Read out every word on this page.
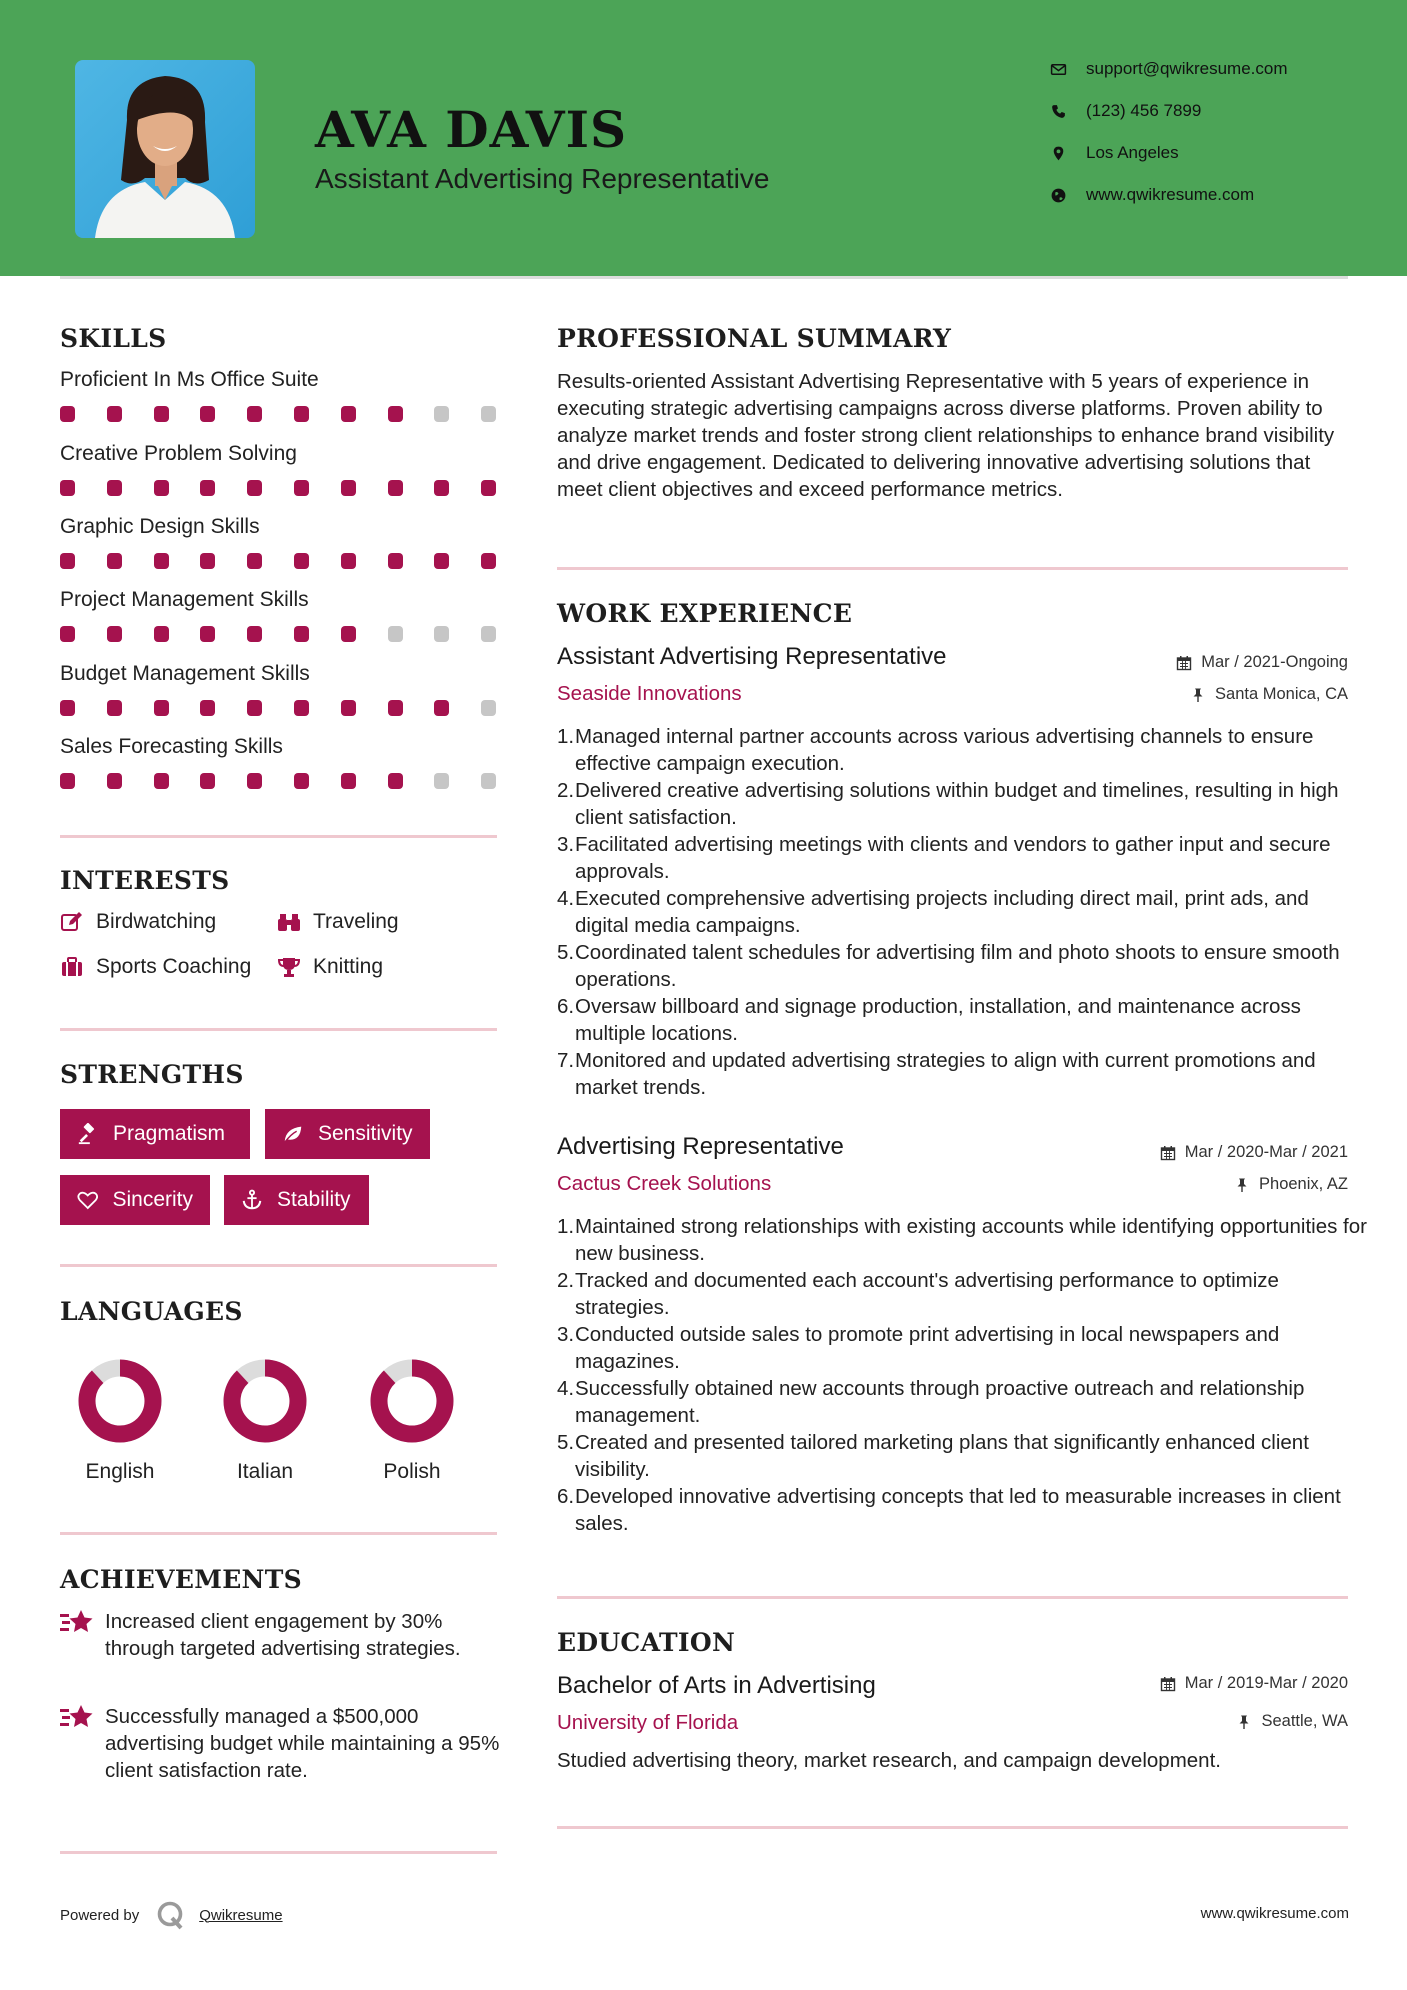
AVA DAVIS
Assistant Advertising Representative
support@qwikresume.com
(123) 456 7899
Los Angeles
www.qwikresume.com
SKILLS
Proficient In Ms Office Suite
Creative Problem Solving
Graphic Design Skills
Project Management Skills
Budget Management Skills
Sales Forecasting Skills
INTERESTS
Birdwatching	Traveling
Sports Coaching	Knitting
STRENGTHS
Pragmatism	Sensitivity
Sincerity	Stability
LANGUAGES
English	Italian	Polish
ACHIEVEMENTS
Increased client engagement by 30% through targeted advertising strategies.
Successfully managed a $500,000 advertising budget while maintaining a 95% client satisfaction rate.
PROFESSIONAL SUMMARY
Results-oriented Assistant Advertising Representative with 5 years of experience in executing strategic advertising campaigns across diverse platforms. Proven ability to analyze market trends and foster strong client relationships to enhance brand visibility and drive engagement. Dedicated to delivering innovative advertising solutions that meet client objectives and exceed performance metrics.
WORK EXPERIENCE
Assistant Advertising Representative	Mar / 2021-Ongoing
Seaside Innovations	Santa Monica, CA
Managed internal partner accounts across various advertising channels to ensure effective campaign execution.
Delivered creative advertising solutions within budget and timelines, resulting in high client satisfaction.
Facilitated advertising meetings with clients and vendors to gather input and secure approvals.
Executed comprehensive advertising projects including direct mail, print ads, and digital media campaigns.
Coordinated talent schedules for advertising film and photo shoots to ensure smooth operations.
Oversaw billboard and signage production, installation, and maintenance across multiple locations.
Monitored and updated advertising strategies to align with current promotions and market trends.
Advertising Representative	Mar / 2020-Mar / 2021
Cactus Creek Solutions	Phoenix, AZ
Maintained strong relationships with existing accounts while identifying opportunities for new business.
Tracked and documented each account's advertising performance to optimize strategies.
Conducted outside sales to promote print advertising in local newspapers and magazines.
Successfully obtained new accounts through proactive outreach and relationship management.
Created and presented tailored marketing plans that significantly enhanced client visibility.
Developed innovative advertising concepts that led to measurable increases in client sales.
EDUCATION
Bachelor of Arts in Advertising	Mar / 2019-Mar / 2020
University of Florida	Seattle, WA
Studied advertising theory, market research, and campaign development.
Powered by	Qwikresume	www.qwikresume.com
